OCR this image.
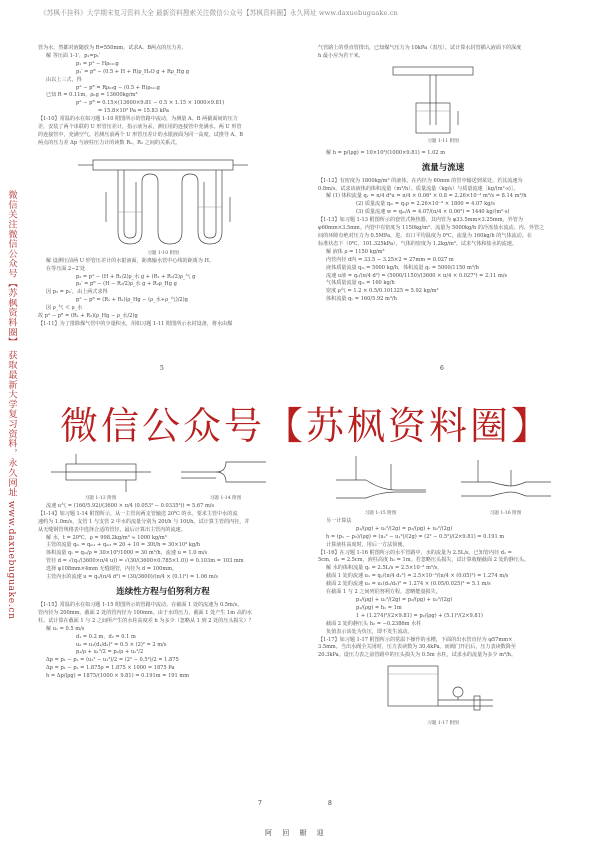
《苏枫不挂科》大学期末复习资料大全 最新资料搜索关注微信公众号【苏枫资料圈】永久网址 www.daxuebuguake.cn
微信关注微信公众号【苏枫资料圈】 获取最新大学复习资料，永久网址 www.daxuebuguake.cn

管为水，然都对液随放为 R=550mm，试求A、B两点的压力差。

解 等压面 1-1′，p₁=p₁′

p₁ = pᴬ − Hρₕ₂ₒg

p₁′ = pᴮ − (0.5 + H + R)ρ_H₂O g + Rρ_Hg g

由以上三式，得

pᴬ − pᴮ = Rρₕ₂g − (0.5 + R)ρₕ₂ₒg

已知 R = 0.11m，ρₕg = 13600kg/m³

pᴬ − pᴮ = 0.15×(13600×9.81 − 0.5 × 1.15 × 1000×9.81)

= 15.8×10³ Pa = 15.83 kPa

【1-10】常温的水在如习题 1-10 附图所示的管路中流动，为测量 A、B 两截面间的压力

差，安装了两个串联的 U 形管压差计，指示液为汞，测压用的连接管中充满水。两 U 形管

的连接管中，充满空气。若测压前两个 U 形管压差计的水银液面为同一高度，试推导 A、B

两点的压力差 Δp 与液柱压力计的读数 R₁、R₂ 之间的关系式。

习题 1-10 附图

解 设测压前两 U 形管压差计的水银液面，距离输水管中心线的距离为 H。

在等压面 2−2′处

p₂ = pᴬ − (H + R₁/2)ρ_水 g + (R₁ + R₂/2)ρ_气 g

p₂′ = pᴮ − (H − R₂/2)ρ_水 g + R₂ρ_Hg g

因 p₂ = p₂′，由上两式求得

pᴬ − pᴮ = (R₁ + R₂)(ρ_Hg − (ρ_水+ρ_气)/2)g

因 ρ_气 ≪ ρ_水

故 pᴬ − pᴮ = (R₁ + R₂)(ρ_Hg − ρ_水/2)g

【1-11】为了排除煤气管中的少量积水，用如习题 1-11 附图所示水封设备，将水由煤

5

气管路上的垂直管排出，已知煤气压力为 10kPa（表压）。试计算水封管插入液面下的深度

h 最小应为若干米。

习题 1-11 附图

解 h = p/(ρg) = 10×10³/(1000×9.81) = 1.02 m

流量与流速

【1-12】有密度为 1800kg/m³ 的液体，在内径为 60mm 的管中输送到某处。若其流速为

0.8m/s，试求该液体的体积流量（m³/h）、质量流量（kg/s）与质量流速［kg/(m²·s)］。

解 (1) 体积流量 qᵥ = π/4 d²u = π/4 × 0.06² × 0.8 = 2.26×10⁻³ m³/s = 8.14 m³/h

(2) 质量流量 qₘ = qᵥρ = 2.26×10⁻³ × 1800 = 4.07 kg/s

(3) 质量流速 w = qₘ/A = 4.07/(π/4 × 0.06²) = 1440 kg/(m²·s)

【1-13】如习题 1-13 附图所示的套管式换热器，其内管为 φ33.5mm×3.25mm，外管为

φ60mm×3.5mm。内管中有密度为 1150kg/m³、流量为 5000kg/h 的冷冻盐水流动。内、外管之

间的环隙有绝对压力为 0.5MPa，进、出口平均温度为 0℃，流量为 160kg/h 的气体流动。在

标准状态下（0℃，101.325kPa），气体的密度为 1.2kg/m³。试求气体和盐水的流速。

解 液体 ρ = 1150 kg/m³

内管内径 d内 = 33.5 − 3.25×2 = 27mm = 0.027 m

液体质量流量 qₘ = 5000 kg/h，体积流量 qᵥ = 5000/1150 m³/h

流速 u液 = qᵥ/(π/4 d²) = (5000/1150)/(3600 × π/4 × 0.027²) = 2.11 m/s

气体质量流量 qₘ = 160 kg/h

密度 ρ气 = 1.2 × 0.5/0.101325 = 5.92 kg/m³

体积流量 qᵥ = 160/5.92 m³/h

6
微信公众号【苏枫资料圈】

习题 1-13 附图	习题 1-14 附图

流速 u气 = (160/5.92)/(3600 × π/4 (0.053² − 0.0335²)) = 5.67 m/s

【1-14】如习题 1-14 附图所示，从一主管向两支管输送 20℃ 的水。要求主管中水的流

速约为 1.0m/s，支管 1 与支管 2 中水的流量分别为 20t/h 与 10t/h。试计算主管的内径，并

从无缝钢管规格表中选择合适的管径，最后计算出主管内的流速。

解 水，t = 20℃，ρ = 998.2kg/m³ ≈ 1000 kg/m³

主管的流量 qₘ = qₘ₁ + qₘ₂ = 20 + 10 = 30t/h = 30×10³ kg/h

体积流量 qᵥ = qₘ/ρ = 30×10³/1000 = 30 m³/h，流速 u = 1.0 m/s

管径 d = √(qᵥ/(3600×π/4 u)) = √(30/(3600×0.785×1.0)) = 0.103m = 103 mm

选择 φ108mm×4mm 无缝钢管，内径为 d = 100mm，

主管内水的流速 u = qᵥ/(π/4 d²) = (30/3600)/(π/4 × (0.1)²) = 1.06 m/s

连续性方程与伯努利方程

【1-15】常温的水在如习题 1-15 附图所示的管路中流动。在截面 1 处的流速为 0.5m/s，

管内径为 200mm，截面 2 处的管内径为 100mm。由于水的压力，截面 1 处产生 1m 高的水

柱。试计算在截面 1 与 2 之间所产生的水柱高度差 h 为多少（忽略从 1 到 2 处的压头损失）？

解 u₁ = 0.5 m/s

d₁ = 0.2 m，d₂ = 0.1 m

u₂ = u₁(d₁/d₂)² = 0.5 × (2)² = 2 m/s

p₁/ρ + u₁²/2 = p₂/ρ + u₂²/2

Δp = p₁ − p₂ = (u₂² − u₁²)/2 = (2² − 0.5²)/2 = 1.875

Δp = p₁ − p₂ = 1.875ρ = 1.875 × 1000 = 1875 Pa

h = Δp/(ρg) = 1875/(1000 × 9.81) = 0.191m = 191 mm

7

习题 1-15 附图	习题 1-16 附图

另一计算法

p₁/(ρg) + u₁²/(2g) = p₂/(ρg) + u₂²/(2g)

h = (p₁ − p₂)/(ρg) = (u₂² − u₁²)/(2g) = (2² − 0.5²)/(2×9.81) = 0.191 m

计算液柱高度时，用后一方法简便。

【1-16】在习题 1-16 附图所示的水平管路中，水的流量为 2.5L/s。已知管内径 d₁ =

5cm，d₂ = 2.5cm，液柱高度 h₁ = 1m。若忽略压头损失，试计算收缩截面 2 处的静压头。

解 水的体积流量 qᵥ = 2.5L/s = 2.5×10⁻³ m³/s，

截面 1 处的流速 u₁ = qᵥ/(π/4 d₁²) = 2.5×10⁻³/(π/4 × (0.05)²) = 1.274 m/s

截面 2 处的流速 u₂ = u₁(d₁/d₂)² = 1.274 × (0.05/0.025)² = 5.1 m/s

在截面 1 与 2 之间列伯努利方程，忽略能量损失。

p₁/(ρg) + u₁²/(2g) = p₂/(ρg) + u₂²/(2g)

p₁/(ρg) = h₁ = 1m

1 + (1.274)²/(2×9.81) = p₂/(ρg) + (5.1)²/(2×9.81)

截面 2 处的静压头 h₂ = −0.2386m 水柱

负值表示该处为负压，即不发生流动。

【1-17】如习题 1-17 附图所示的常温下操作的水槽，下面的出水管直径为 φ57mm×

3.5mm。当出水阀全关闭时，压力表读数为 30.4kPa。而阀门开启后，压力表读数降至

20.3kPa。设压力表之前管路中的压头损失为 0.5m 水柱，试求水的流量为多少 m³/h。

习题 1-17 附图

8
阿 回 橱 迎
